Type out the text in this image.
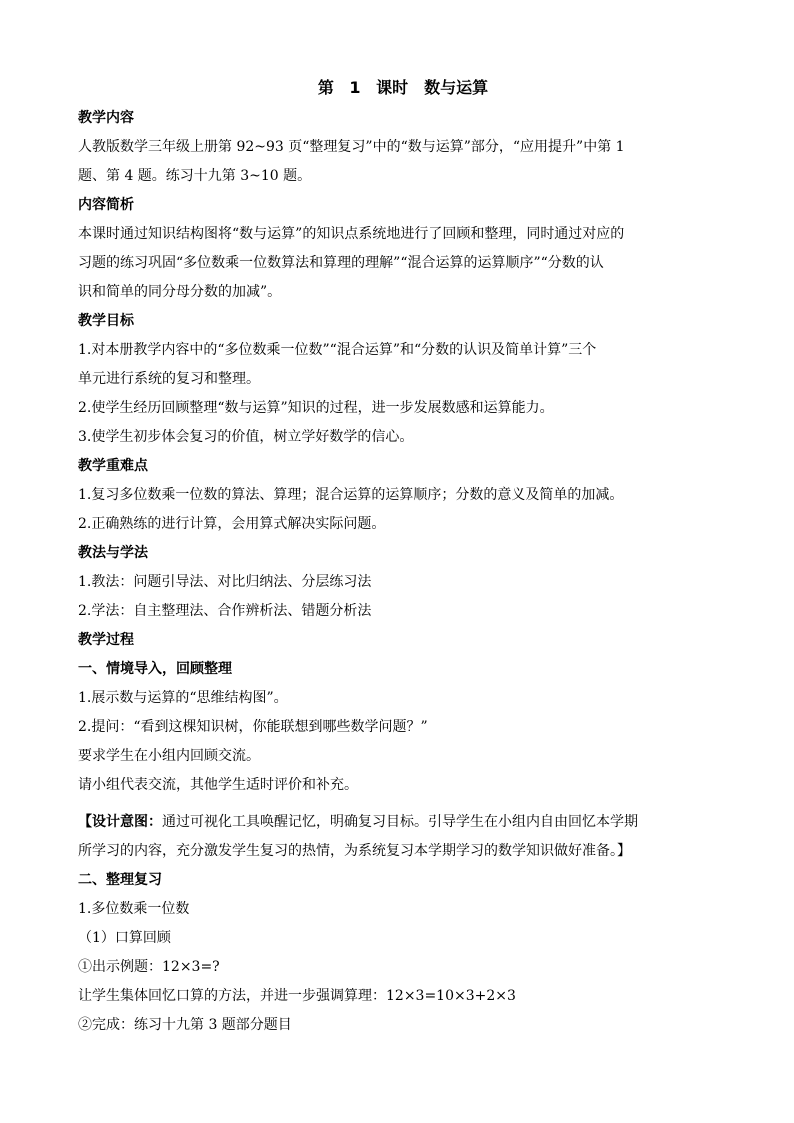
第 1 课时　数与运算

教学内容

人教版数学三年级上册第 92~93 页“整理复习”中的“数与运算”部分，“应用提升”中第 1

题、第 4 题。练习十九第 3~10 题。

内容简析

本课时通过知识结构图将“数与运算”的知识点系统地进行了回顾和整理，同时通过对应的

习题的练习巩固“多位数乘一位数算法和算理的理解”“混合运算的运算顺序”“分数的认

识和简单的同分母分数的加减”。

教学目标

1.对本册教学内容中的“多位数乘一位数”“混合运算”和“分数的认识及简单计算”三个

单元进行系统的复习和整理。

2.使学生经历回顾整理“数与运算”知识的过程，进一步发展数感和运算能力。

3.使学生初步体会复习的价值，树立学好数学的信心。

教学重难点

1.复习多位数乘一位数的算法、算理；混合运算的运算顺序；分数的意义及简单的加减。

2.正确熟练的进行计算，会用算式解决实际问题。

教法与学法

1.教法：问题引导法、对比归纳法、分层练习法

2.学法：自主整理法、合作辨析法、错题分析法

教学过程

一、情境导入，回顾整理

1.展示数与运算的“思维结构图”。

2.提问：“看到这棵知识树，你能联想到哪些数学问题？”

要求学生在小组内回顾交流。

请小组代表交流，其他学生适时评价和补充。

【设计意图：通过可视化工具唤醒记忆，明确复习目标。引导学生在小组内自由回忆本学期

所学习的内容，充分激发学生复习的热情，为系统复习本学期学习的数学知识做好准备。】

二、整理复习

1.多位数乘一位数

（1）口算回顾

①出示例题：12×3=?

让学生集体回忆口算的方法，并进一步强调算理：12×3=10×3+2×3

②完成：练习十九第 3 题部分题目
